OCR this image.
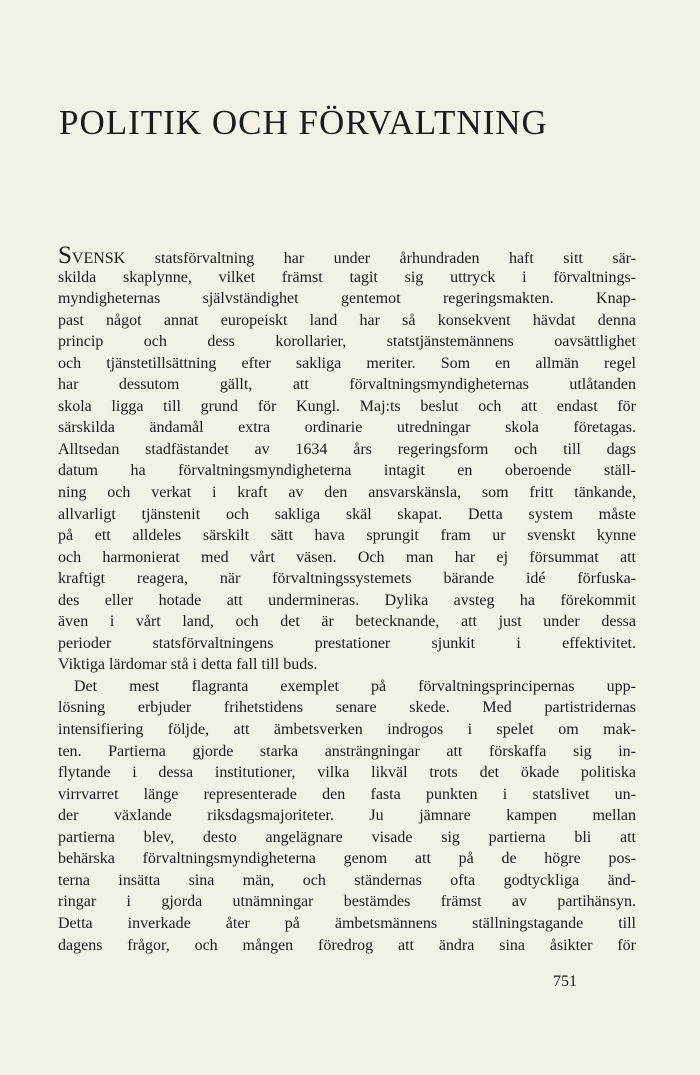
POLITIK OCH FÖRVALTNING
SVENSK statsförvaltning har under århundraden haft sitt sär-
skilda skaplynne, vilket främst tagit sig uttryck i förvaltnings-
myndigheternas självständighet gentemot regeringsmakten. Knap-
past något annat europeiskt land har så konsekvent hävdat denna
princip och dess korollarier, statstjänstemännens oavsättlighet
och tjänstetillsättning efter sakliga meriter. Som en allmän regel
har dessutom gällt, att förvaltningsmyndigheternas utlåtanden
skola ligga till grund för Kungl. Maj:ts beslut och att endast för
särskilda ändamål extra ordinarie utredningar skola företagas.
Alltsedan stadfästandet av 1634 års regeringsform och till dags
datum ha förvaltningsmyndigheterna intagit en oberoende ställ-
ning och verkat i kraft av den ansvarskänsla, som fritt tänkande,
allvarligt tjänstenit och sakliga skäl skapat. Detta system måste
på ett alldeles särskilt sätt hava sprungit fram ur svenskt kynne
och harmonierat med vårt väsen. Och man har ej försummat att
kraftigt reagera, när förvaltningssystemets bärande idé förfuska-
des eller hotade att undermineras. Dylika avsteg ha förekommit
även i vårt land, och det är betecknande, att just under dessa
perioder statsförvaltningens prestationer sjunkit i effektivitet.
Viktiga lärdomar stå i detta fall till buds.
Det mest flagranta exemplet på förvaltningsprincipernas upp-
lösning erbjuder frihetstidens senare skede. Med partistridernas
intensifiering följde, att ämbetsverken indrogos i spelet om mak-
ten. Partierna gjorde starka ansträngningar att förskaffa sig in-
flytande i dessa institutioner, vilka likväl trots det ökade politiska
virrvarret länge representerade den fasta punkten i statslivet un-
der växlande riksdagsmajoriteter. Ju jämnare kampen mellan
partierna blev, desto angelägnare visade sig partierna bli att
behärska förvaltningsmyndigheterna genom att på de högre pos-
terna insätta sina män, och ständernas ofta godtyckliga änd-
ringar i gjorda utnämningar bestämdes främst av partihänsyn.
Detta inverkade åter på ämbetsmännens ställningstagande till
dagens frågor, och mången föredrog att ändra sina åsikter för
751
